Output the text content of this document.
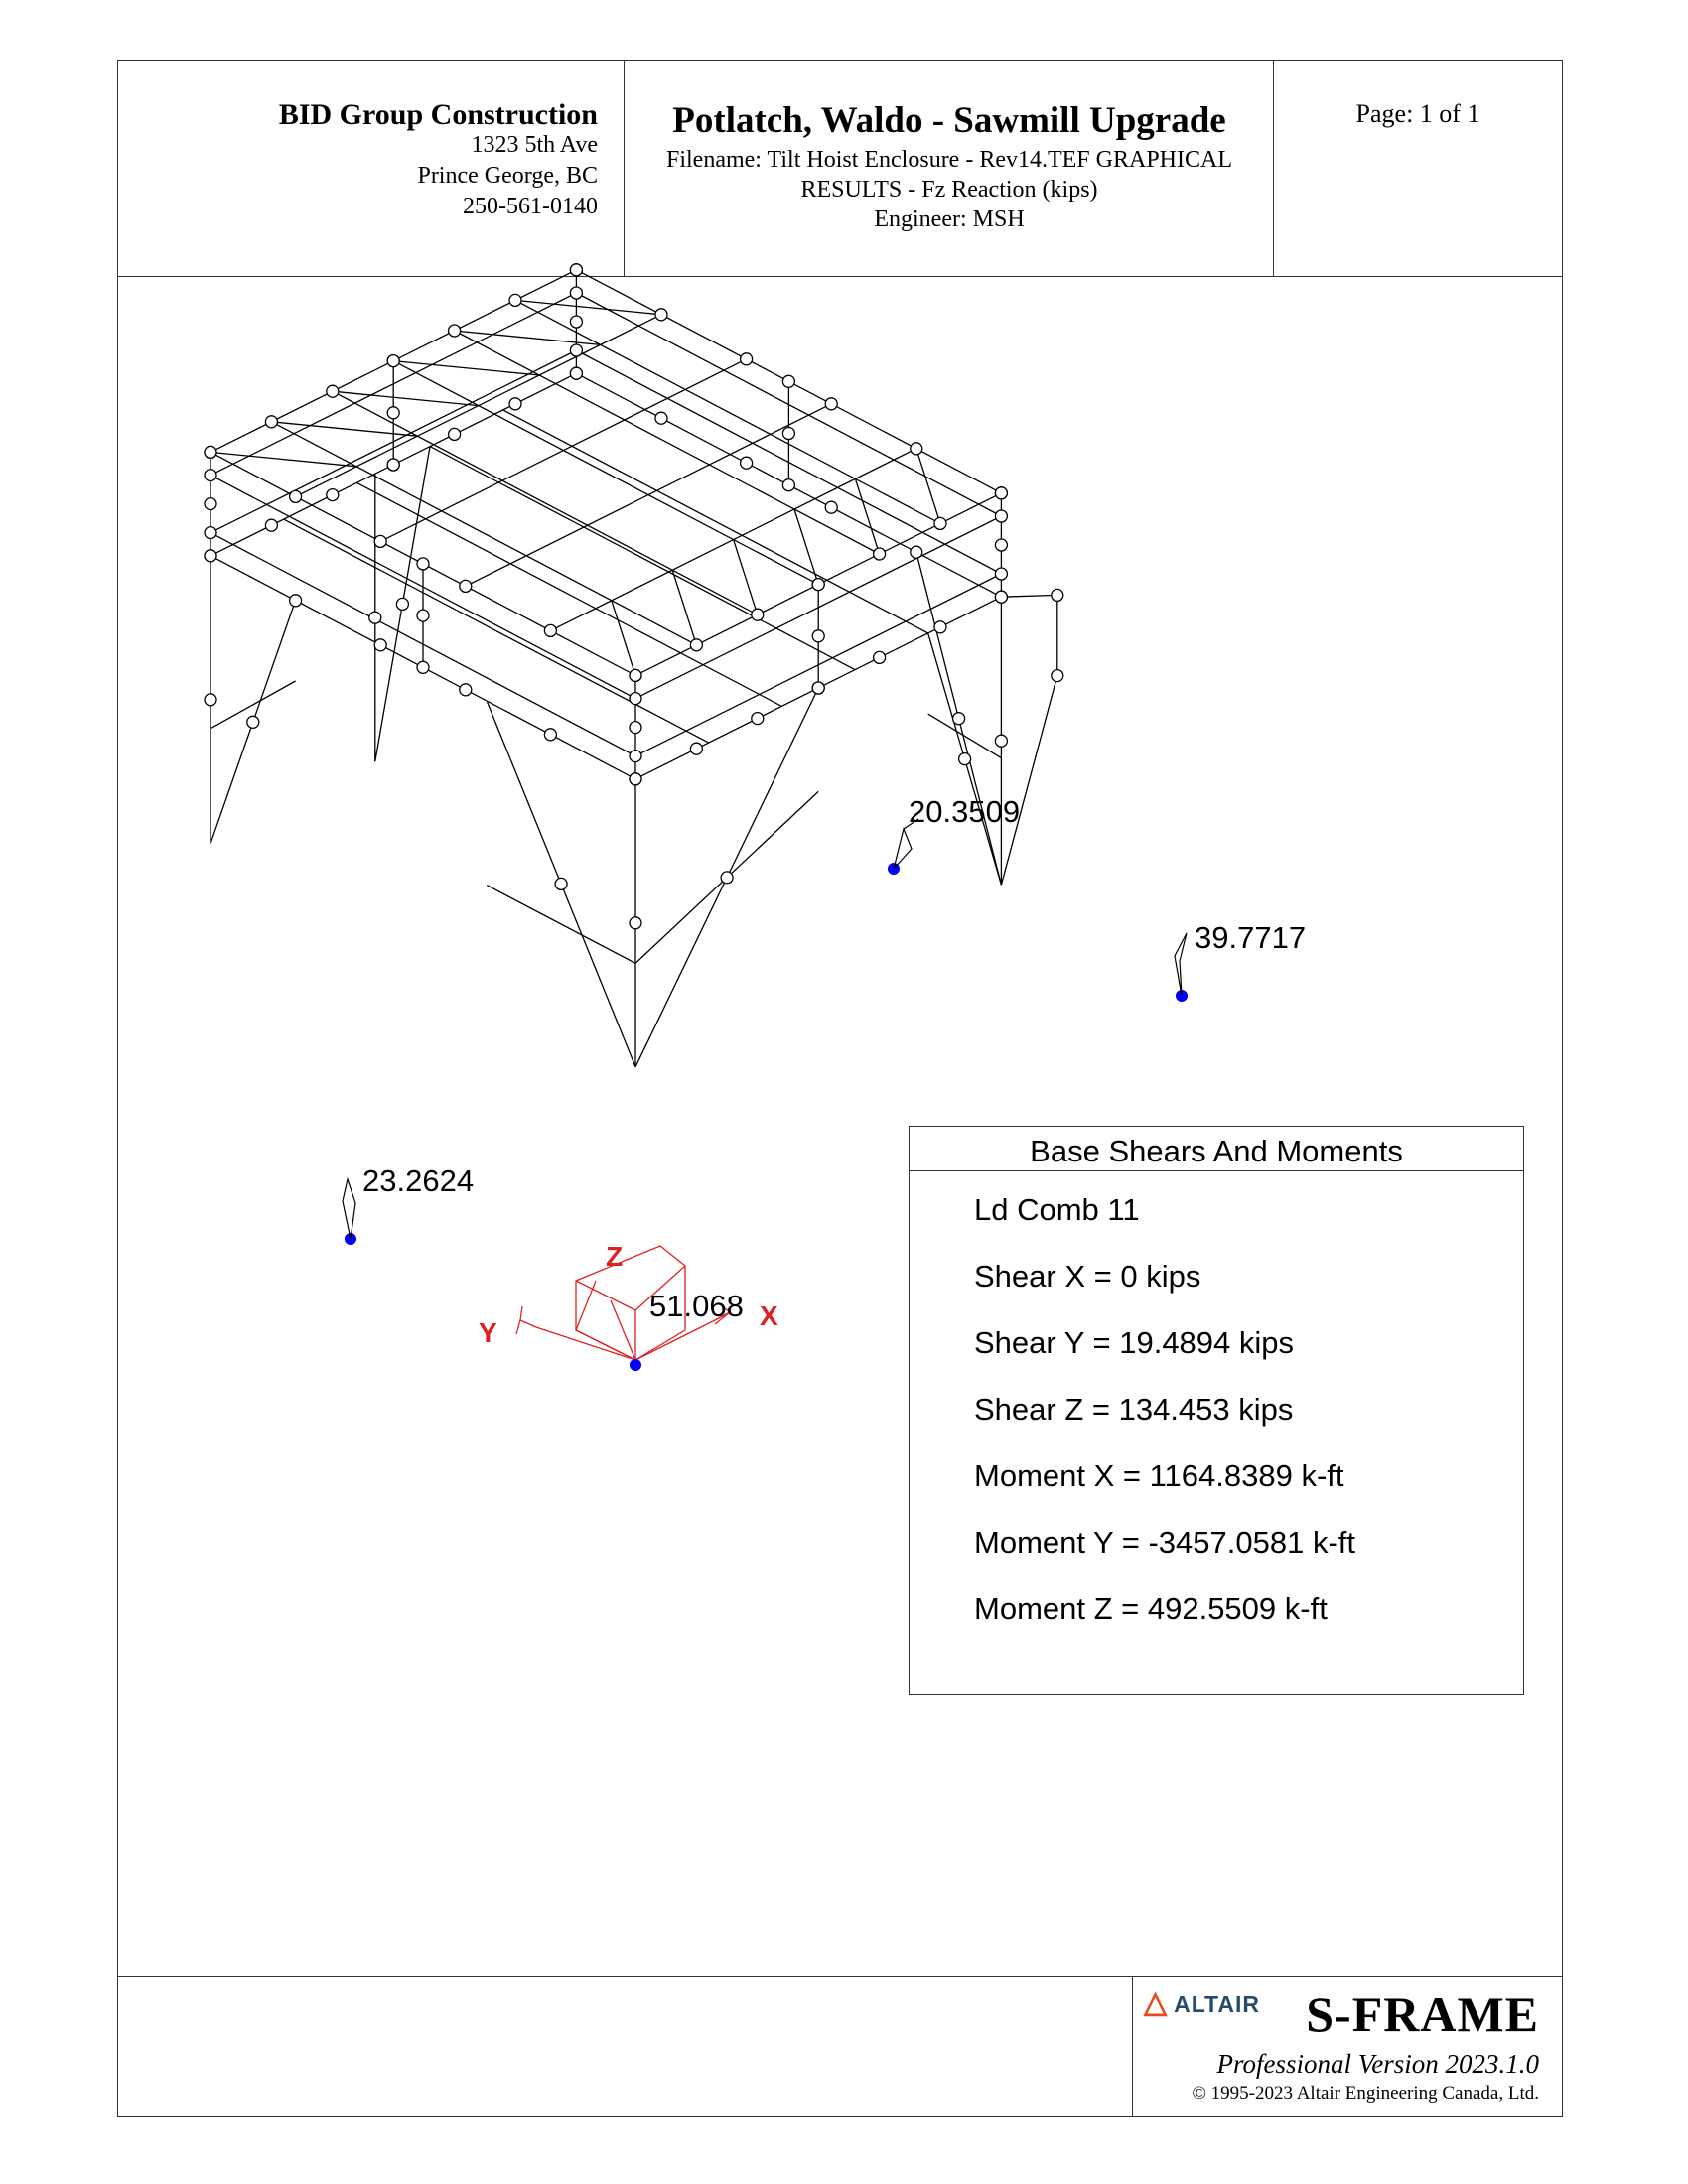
BID Group Construction
1323 5th Ave
Prince George, BC
250-561-0140
Potlatch, Waldo - Sawmill Upgrade
Filename: Tilt Hoist Enclosure - Rev14.TEF GRAPHICAL
RESULTS - Fz Reaction (kips)
Engineer: MSH
Page: 1 of 1
Z
Y
X
20.3509
39.7717
23.2624
51.068
Base Shears And Moments
Ld Comb 11
Shear X = 0 kips
Shear Y = 19.4894 kips
Shear Z = 134.453 kips
Moment X = 1164.8389 k-ft
Moment Y = -3457.0581 k-ft
Moment Z = 492.5509 k-ft
△ ALTAIR S-FRAME
Professional Version 2023.1.0
© 1995-2023 Altair Engineering Canada, Ltd.
